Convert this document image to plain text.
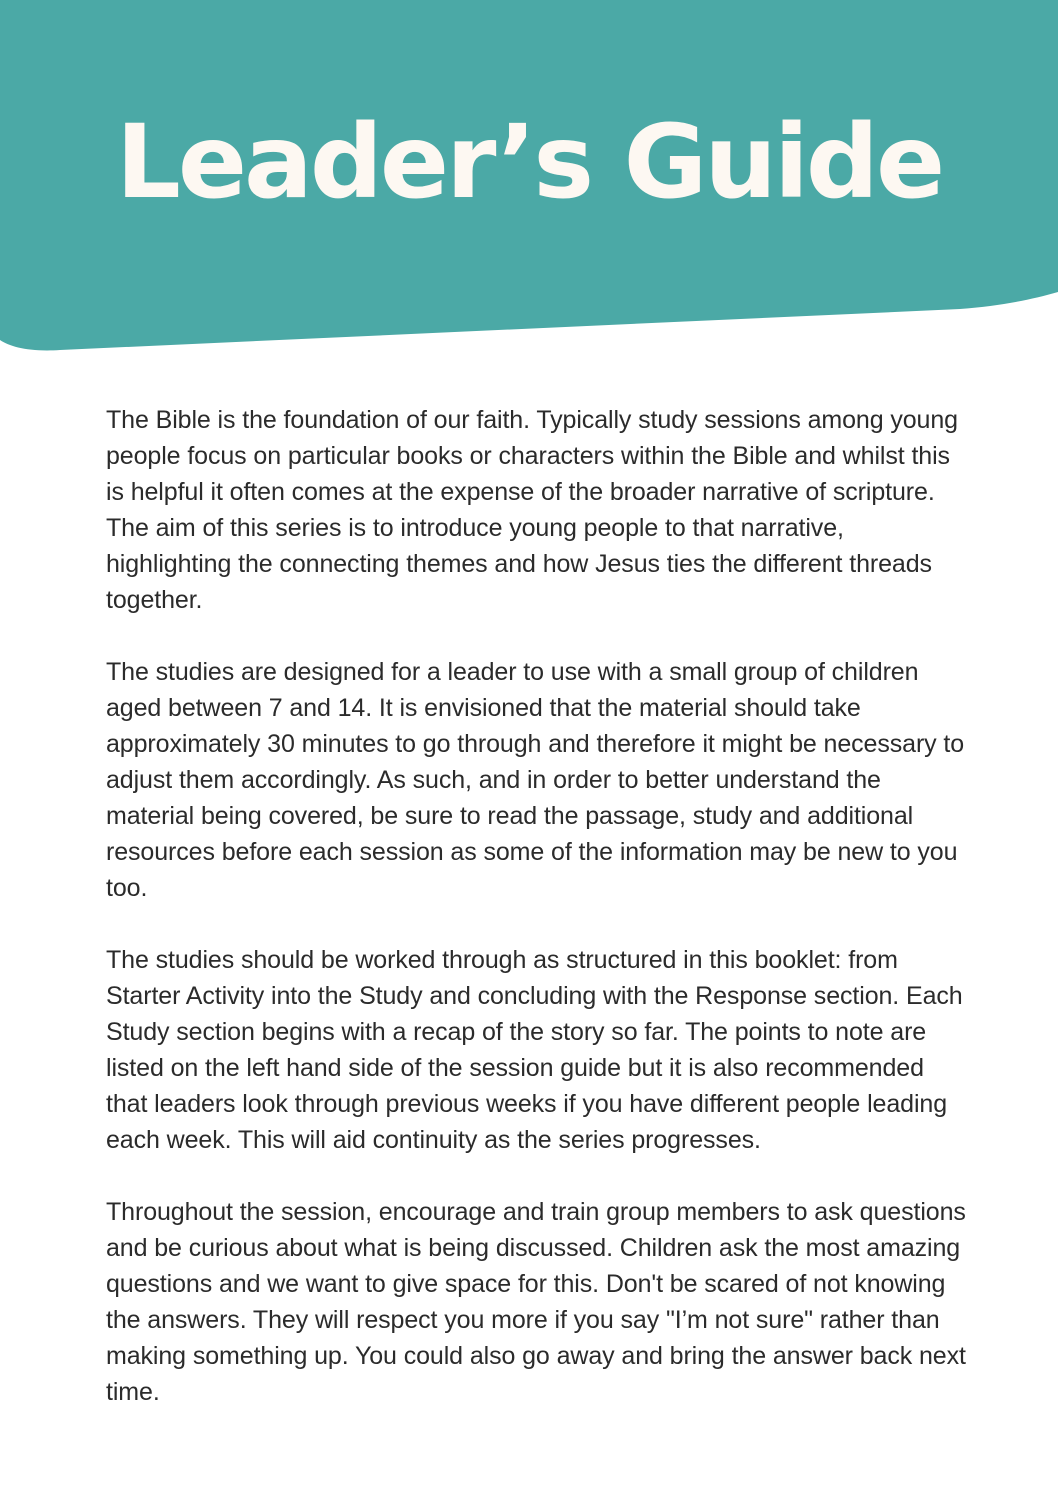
Leader’s Guide

The Bible is the foundation of our faith. Typically study sessions among young people focus on particular books or characters within the Bible and whilst this is helpful it often comes at the expense of the broader narrative of scripture. The aim of this series is to introduce young people to that narrative, highlighting the connecting themes and how Jesus ties the different threads together.

The studies are designed for a leader to use with a small group of children aged between 7 and 14. It is envisioned that the material should take approximately 30 minutes to go through and therefore it might be necessary to adjust them accordingly. As such, and in order to better understand the material being covered, be sure to read the passage, study and additional resources before each session as some of the information may be new to you too.

The studies should be worked through as structured in this booklet: from Starter Activity into the Study and concluding with the Response section. Each Study section begins with a recap of the story so far. The points to note are listed on the left hand side of the session guide but it is also recommended that leaders look through previous weeks if you have different people leading each week. This will aid continuity as the series progresses.

Throughout the session, encourage and train group members to ask questions and be curious about what is being discussed. Children ask the most amazing questions and we want to give space for this. Don't be scared of not knowing the answers. They will respect you more if you say "I’m not sure" rather than making something up. You could also go away and bring the answer back next time.
